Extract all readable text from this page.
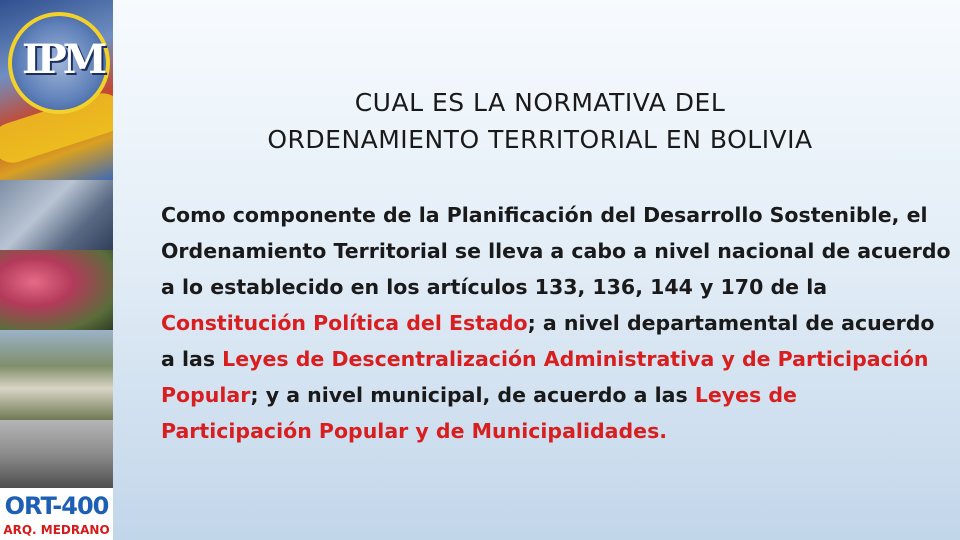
IPM
ORT-400
ARQ. MEDRANO
CUAL ES LA NORMATIVA DEL
ORDENAMIENTO TERRITORIAL EN BOLIVIA
Como componente de la Planificación del Desarrollo Sostenible, el Ordenamiento Territorial se lleva a cabo a nivel nacional de acuerdo a lo establecido en los artículos 133, 136, 144 y 170 de la Constitución Política del Estado; a nivel departamental de acuerdo a las Leyes de Descentralización Administrativa y de Participación Popular; y a nivel municipal, de acuerdo a las Leyes de Participación Popular y de Municipalidades.
